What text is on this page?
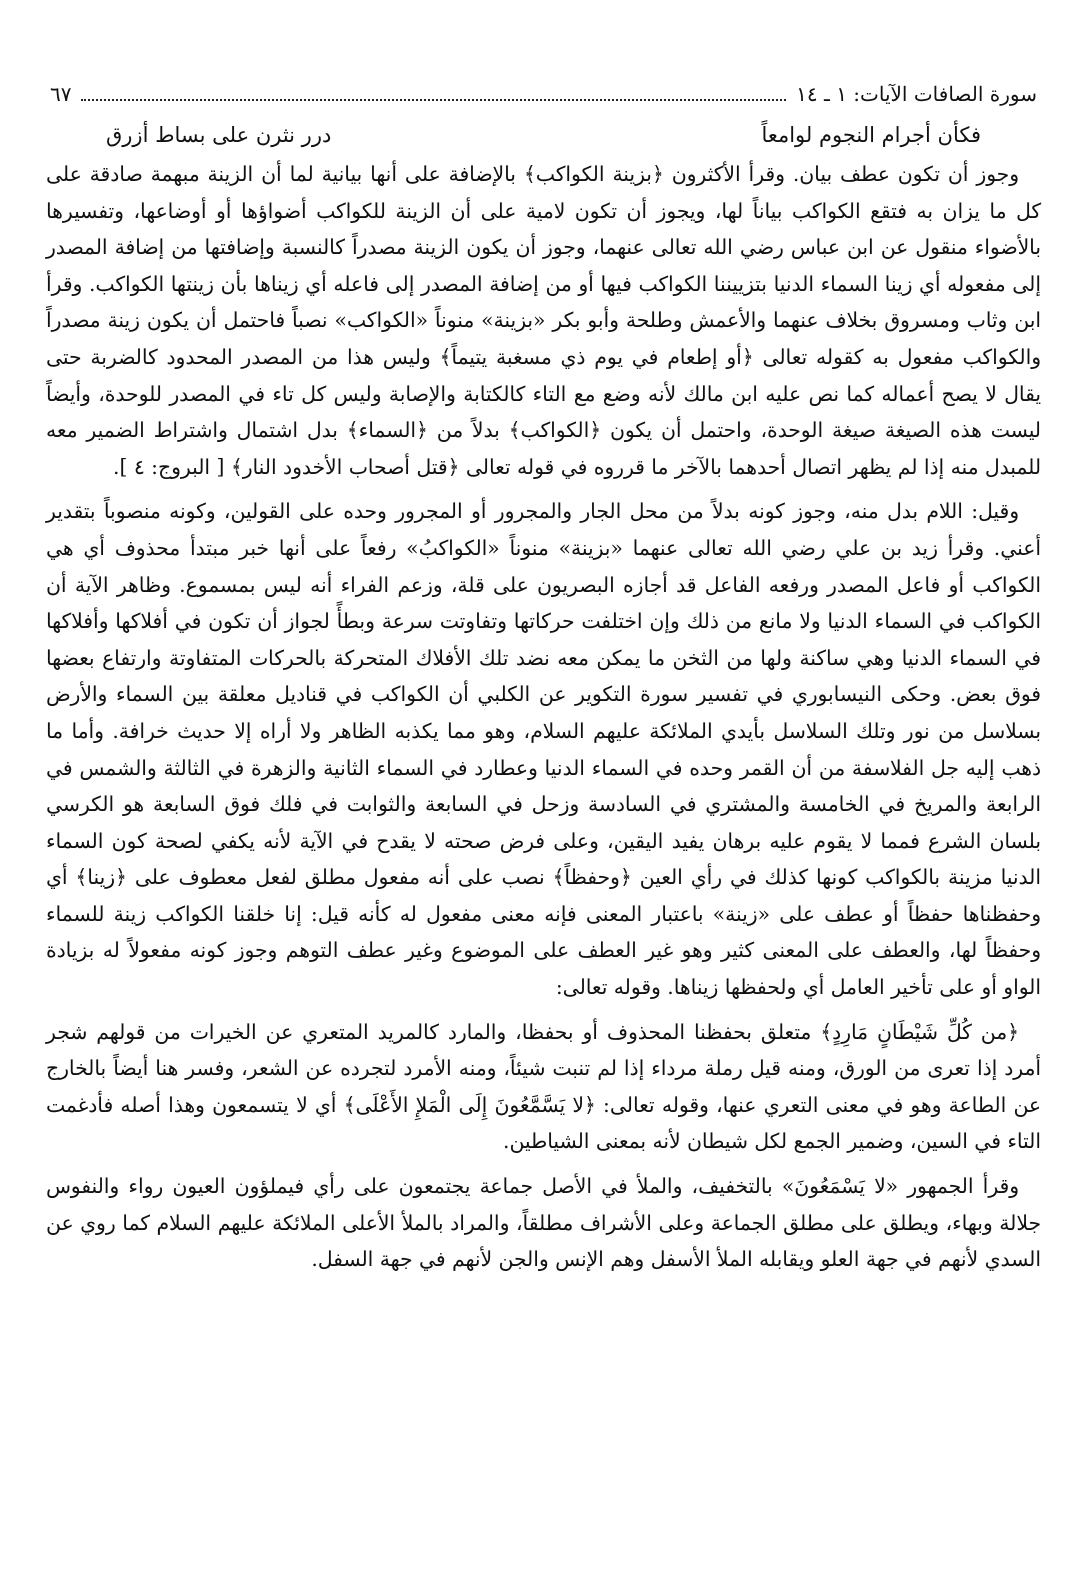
سورة الصافات الآيات: ١ ـ ١٤
٦٧
فكأن أجرام النجوم لوامعاً
درر نثرن على بساط أزرق

وجوز أن تكون عطف بيان. وقرأ الأكثرون ﴿بزينة الكواكب﴾ بالإضافة على أنها بيانية لما أن الزينة مبهمة صادقة على كل ما يزان به فتقع الكواكب بياناً لها، ويجوز أن تكون لامية على أن الزينة للكواكب أضواؤها أو أوضاعها، وتفسيرها بالأضواء منقول عن ابن عباس رضي الله تعالى عنهما، وجوز أن يكون الزينة مصدراً كالنسبة وإضافتها من إضافة المصدر إلى مفعوله أي زينا السماء الدنيا بتزييننا الكواكب فيها أو من إضافة المصدر إلى فاعله أي زيناها بأن زينتها الكواكب. وقرأ ابن وثاب ومسروق بخلاف عنهما والأعمش وطلحة وأبو بكر «بزينة» منوناً «الكواكب» نصباً فاحتمل أن يكون زينة مصدراً والكواكب مفعول به كقوله تعالى ﴿أو إطعام في يوم ذي مسغبة يتيماً﴾ وليس هذا من المصدر المحدود كالضربة حتى يقال لا يصح أعماله كما نص عليه ابن مالك لأنه وضع مع التاء كالكتابة والإصابة وليس كل تاء في المصدر للوحدة، وأيضاً ليست هذه الصيغة صيغة الوحدة، واحتمل أن يكون ﴿الكواكب﴾ بدلاً من ﴿السماء﴾ بدل اشتمال واشتراط الضمير معه للمبدل منه إذا لم يظهر اتصال أحدهما بالآخر ما قرروه في قوله تعالى ﴿قتل أصحاب الأخدود النار﴾ [ البروج: ٤ ].

وقيل: اللام بدل منه، وجوز كونه بدلاً من محل الجار والمجرور أو المجرور وحده على القولين، وكونه منصوباً بتقدير أعني. وقرأ زيد بن علي رضي الله تعالى عنهما «بزينة» منوناً «الكواكبُ» رفعاً على أنها خبر مبتدأ محذوف أي هي الكواكب أو فاعل المصدر ورفعه الفاعل قد أجازه البصريون على قلة، وزعم الفراء أنه ليس بمسموع. وظاهر الآية أن الكواكب في السماء الدنيا ولا مانع من ذلك وإن اختلفت حركاتها وتفاوتت سرعة وبطأً لجواز أن تكون في أفلاكها وأفلاكها في السماء الدنيا وهي ساكنة ولها من الثخن ما يمكن معه نضد تلك الأفلاك المتحركة بالحركات المتفاوتة وارتفاع بعضها فوق بعض. وحكى النيسابوري في تفسير سورة التكوير عن الكلبي أن الكواكب في قناديل معلقة بين السماء والأرض بسلاسل من نور وتلك السلاسل بأيدي الملائكة عليهم السلام، وهو مما يكذبه الظاهر ولا أراه إلا حديث خرافة. وأما ما ذهب إليه جل الفلاسفة من أن القمر وحده في السماء الدنيا وعطارد في السماء الثانية والزهرة في الثالثة والشمس في الرابعة والمريخ في الخامسة والمشتري في السادسة وزحل في السابعة والثوابت في فلك فوق السابعة هو الكرسي بلسان الشرع فمما لا يقوم عليه برهان يفيد اليقين، وعلى فرض صحته لا يقدح في الآية لأنه يكفي لصحة كون السماء الدنيا مزينة بالكواكب كونها كذلك في رأي العين ﴿وحفظاً﴾ نصب على أنه مفعول مطلق لفعل معطوف على ﴿زينا﴾ أي وحفظناها حفظاً أو عطف على «زينة» باعتبار المعنى فإنه معنى مفعول له كأنه قيل: إنا خلقنا الكواكب زينة للسماء وحفظاً لها، والعطف على المعنى كثير وهو غير العطف على الموضوع وغير عطف التوهم وجوز كونه مفعولاً له بزيادة الواو أو على تأخير العامل أي ولحفظها زيناها. وقوله تعالى:

﴿من كُلِّ شَيْطَانٍ مَارِدٍ﴾ متعلق بحفظنا المحذوف أو بحفظا، والمارد كالمريد المتعري عن الخيرات من قولهم شجر أمرد إذا تعرى من الورق، ومنه قيل رملة مرداء إذا لم تنبت شيئاً، ومنه الأمرد لتجرده عن الشعر، وفسر هنا أيضاً بالخارج عن الطاعة وهو في معنى التعري عنها، وقوله تعالى: ﴿لا يَسَّمَّعُونَ إِلَى الْمَلإِ الأَعْلَى﴾ أي لا يتسمعون وهذا أصله فأدغمت التاء في السين، وضمير الجمع لكل شيطان لأنه بمعنى الشياطين.

وقرأ الجمهور «لا يَسْمَعُونَ» بالتخفيف، والملأ في الأصل جماعة يجتمعون على رأي فيملؤون العيون رواء والنفوس جلالة وبهاء، ويطلق على مطلق الجماعة وعلى الأشراف مطلقاً، والمراد بالملأ الأعلى الملائكة عليهم السلام كما روي عن السدي لأنهم في جهة العلو ويقابله الملأ الأسفل وهم الإنس والجن لأنهم في جهة السفل.
